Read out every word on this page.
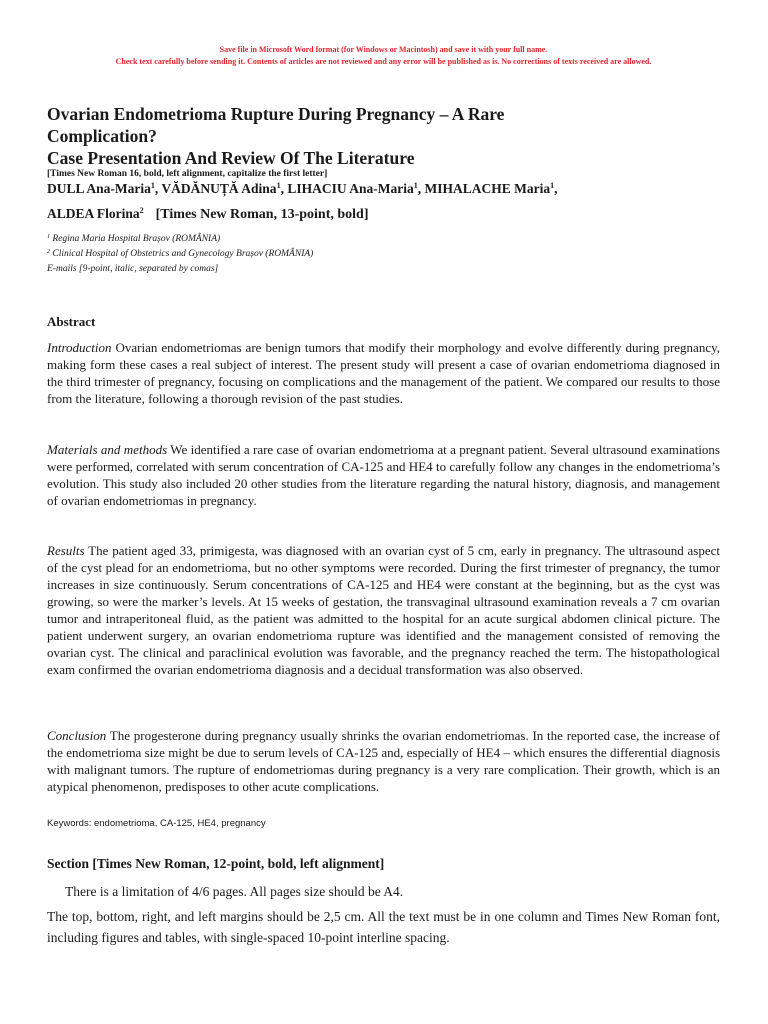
Save file in Microsoft Word format (for Windows or Macintosh) and save it with your full name.
Check text carefully before sending it. Contents of articles are not reviewed and any error will be published as is. No corrections of texts received are allowed.
Ovarian Endometrioma Rupture During Pregnancy – A Rare
Complication?
Case Presentation And Review Of The Literature
[Times New Roman 16, bold, left alignment, capitalize the first letter]
DULL Ana-Maria$^1$, VĂDĂNUȚĂ Adina$^1$, LIHACIU Ana-Maria$^1$, MIHALACHE Maria$^1$,
ALDEA Florina$^2$ [Times New Roman, 13-point, bold]
$^1$ Regina Maria Hospital Brașov (ROMÂNIA)
$^2$ Clinical Hospital of Obstetrics and Gynecology Brașov (ROMÂNIA)
E-mails [9-point, italic, separated by comas]
Abstract

Introduction Ovarian endometriomas are benign tumors that modify their morphology and evolve differently during pregnancy, making form these cases a real subject of interest. The present study will present a case of ovarian endometrioma diagnosed in the third trimester of pregnancy, focusing on complications and the management of the patient. We compared our results to those from the literature, following a thorough revision of the past studies.

Materials and methods We identified a rare case of ovarian endometrioma at a pregnant patient. Several ultrasound examinations were performed, correlated with serum concentration of CA-125 and HE4 to carefully follow any changes in the endometrioma’s evolution. This study also included 20 other studies from the literature regarding the natural history, diagnosis, and management of ovarian endometriomas in pregnancy.

Results The patient aged 33, primigesta, was diagnosed with an ovarian cyst of 5 cm, early in pregnancy. The ultrasound aspect of the cyst plead for an endometrioma, but no other symptoms were recorded. During the first trimester of pregnancy, the tumor increases in size continuously. Serum concentrations of CA-125 and HE4 were constant at the beginning, but as the cyst was growing, so were the marker’s levels. At 15 weeks of gestation, the transvaginal ultrasound examination reveals a 7 cm ovarian tumor and intraperitoneal fluid, as the patient was admitted to the hospital for an acute surgical abdomen clinical picture. The patient underwent surgery, an ovarian endometrioma rupture was identified and the management consisted of removing the ovarian cyst. The clinical and paraclinical evolution was favorable, and the pregnancy reached the term. The histopathological exam confirmed the ovarian endometrioma diagnosis and a decidual transformation was also observed.

Conclusion The progesterone during pregnancy usually shrinks the ovarian endometriomas. In the reported case, the increase of the endometrioma size might be due to serum levels of CA-125 and, especially of HE4 – which ensures the differential diagnosis with malignant tumors. The rupture of endometriomas during pregnancy is a very rare complication. Their growth, which is an atypical phenomenon, predisposes to other acute complications.

Keywords: endometrioma, CA-125, HE4, pregnancy
Section [Times New Roman, 12-point, bold, left alignment]
There is a limitation of 4/6 pages. All pages size should be A4.

The top, bottom, right, and left margins should be 2,5 cm. All the text must be in one column and Times New Roman font, including figures and tables, with single-spaced 10-point interline spacing.
